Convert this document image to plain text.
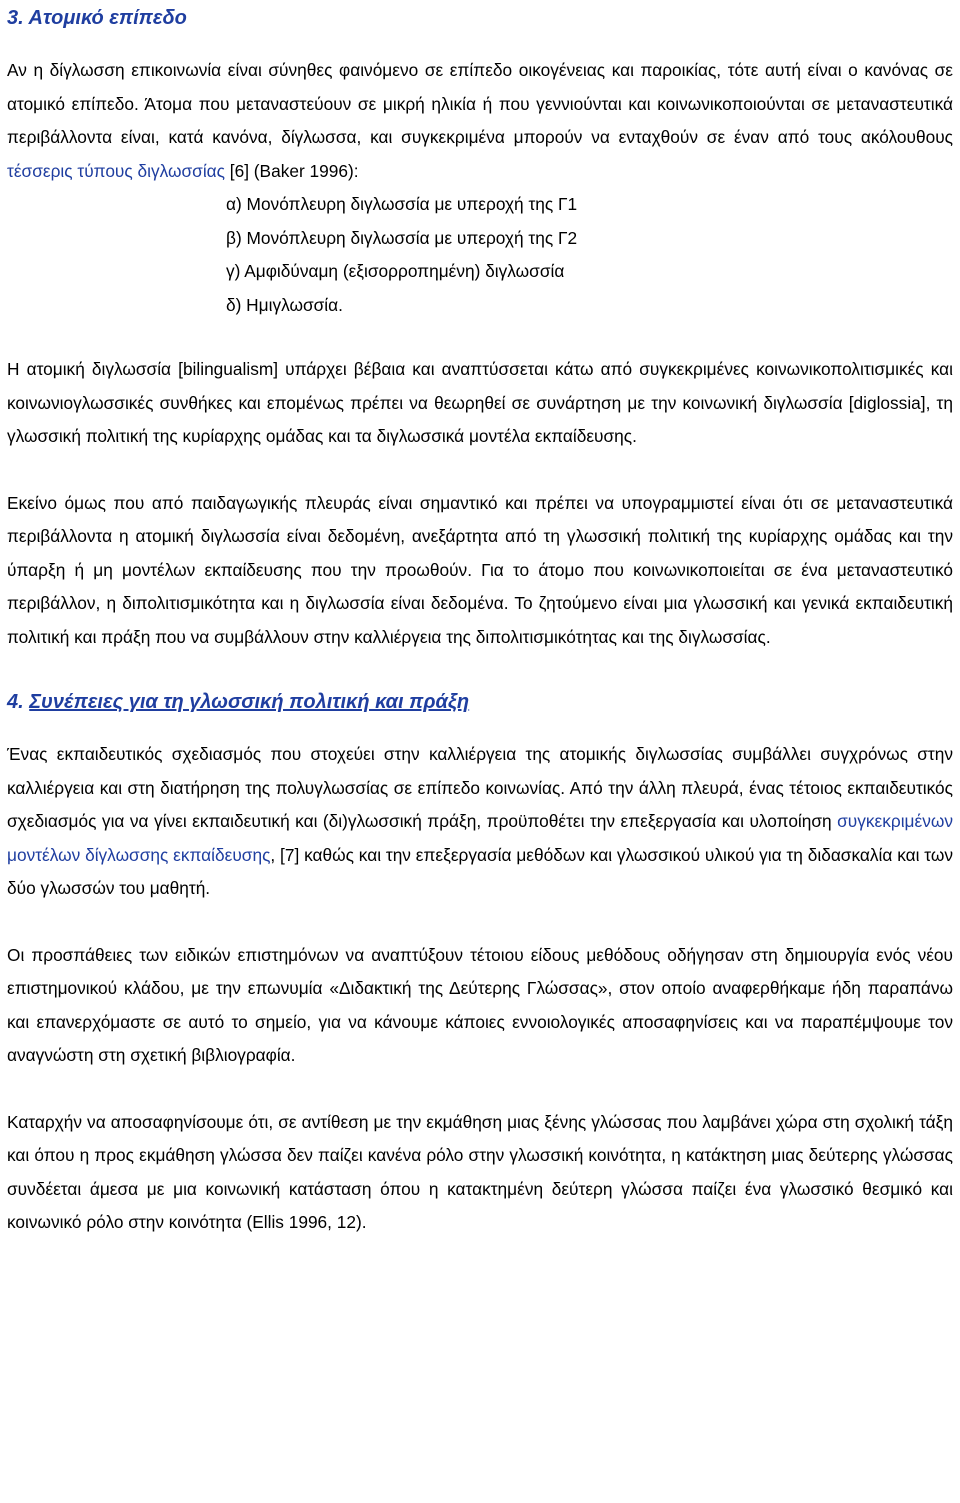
3. Ατομικό επίπεδο

Αν η δίγλωσση επικοινωνία είναι σύνηθες φαινόμενο σε επίπεδο οικογένειας και παροικίας, τότε αυτή είναι ο κανόνας σε ατομικό επίπεδο. Άτομα που μεταναστεύουν σε μικρή ηλικία ή που γεννιούνται και κοινωνικοποιούνται σε μεταναστευτικά περιβάλλοντα είναι, κατά κανόνα, δίγλωσσα, και συγκεκριμένα μπορούν να ενταχθούν σε έναν από τους ακόλουθους τέσσερις τύπους διγλωσσίας [6] (Baker 1996):

α) Μονόπλευρη διγλωσσία με υπεροχή της Γ1
β) Μονόπλευρη διγλωσσία με υπεροχή της Γ2
γ) Αμφιδύναμη (εξισορροπημένη) διγλωσσία
δ) Ημιγλωσσία.

Η ατομική διγλωσσία [bilingualism] υπάρχει βέβαια και αναπτύσσεται κάτω από συγκεκριμένες κοινωνικοπολιτισμικές και κοινωνιογλωσσικές συνθήκες και επομένως πρέπει να θεωρηθεί σε συνάρτηση με την κοινωνική διγλωσσία [diglossia], τη γλωσσική πολιτική της κυρίαρχης ομάδας και τα διγλωσσικά μοντέλα εκπαίδευσης.

Εκείνο όμως που από παιδαγωγικής πλευράς είναι σημαντικό και πρέπει να υπογραμμιστεί είναι ότι σε μεταναστευτικά περιβάλλοντα η ατομική διγλωσσία είναι δεδομένη, ανεξάρτητα από τη γλωσσική πολιτική της κυρίαρχης ομάδας και την ύπαρξη ή μη μοντέλων εκπαίδευσης που την προωθούν. Για το άτομο που κοινωνικοποιείται σε ένα μεταναστευτικό περιβάλλον, η διπολιτισμικότητα και η διγλωσσία είναι δεδομένα. Το ζητούμενο είναι μια γλωσσική και γενικά εκπαιδευτική πολιτική και πράξη που να συμβάλλουν στην καλλιέργεια της διπολιτισμικότητας και της διγλωσσίας.

4. Συνέπειες για τη γλωσσική πολιτική και πράξη

Ένας εκπαιδευτικός σχεδιασμός που στοχεύει στην καλλιέργεια της ατομικής διγλωσσίας συμβάλλει συγχρόνως στην καλλιέργεια και στη διατήρηση της πολυγλωσσίας σε επίπεδο κοινωνίας. Από την άλλη πλευρά, ένας τέτοιος εκπαιδευτικός σχεδιασμός για να γίνει εκπαιδευτική και (δι)γλωσσική πράξη, προϋποθέτει την επεξεργασία και υλοποίηση συγκεκριμένων μοντέλων δίγλωσσης εκπαίδευσης, [7] καθώς και την επεξεργασία μεθόδων και γλωσσικού υλικού για τη διδασκαλία και των δύο γλωσσών του μαθητή.

Οι προσπάθειες των ειδικών επιστημόνων να αναπτύξουν τέτοιου είδους μεθόδους οδήγησαν στη δημιουργία ενός νέου επιστημονικού κλάδου, με την επωνυμία «Διδακτική της Δεύτερης Γλώσσας», στον οποίο αναφερθήκαμε ήδη παραπάνω και επανερχόμαστε σε αυτό το σημείο, για να κάνουμε κάποιες εννοιολογικές αποσαφηνίσεις και να παραπέμψουμε τον αναγνώστη στη σχετική βιβλιογραφία.

Καταρχήν να αποσαφηνίσουμε ότι, σε αντίθεση με την εκμάθηση μιας ξένης γλώσσας που λαμβάνει χώρα στη σχολική τάξη και όπου η προς εκμάθηση γλώσσα δεν παίζει κανένα ρόλο στην γλωσσική κοινότητα, η κατάκτηση μιας δεύτερης γλώσσας συνδέεται άμεσα με μια κοινωνική κατάσταση όπου η κατακτημένη δεύτερη γλώσσα παίζει ένα γλωσσικό θεσμικό και κοινωνικό ρόλο στην κοινότητα (Ellis 1996, 12).
